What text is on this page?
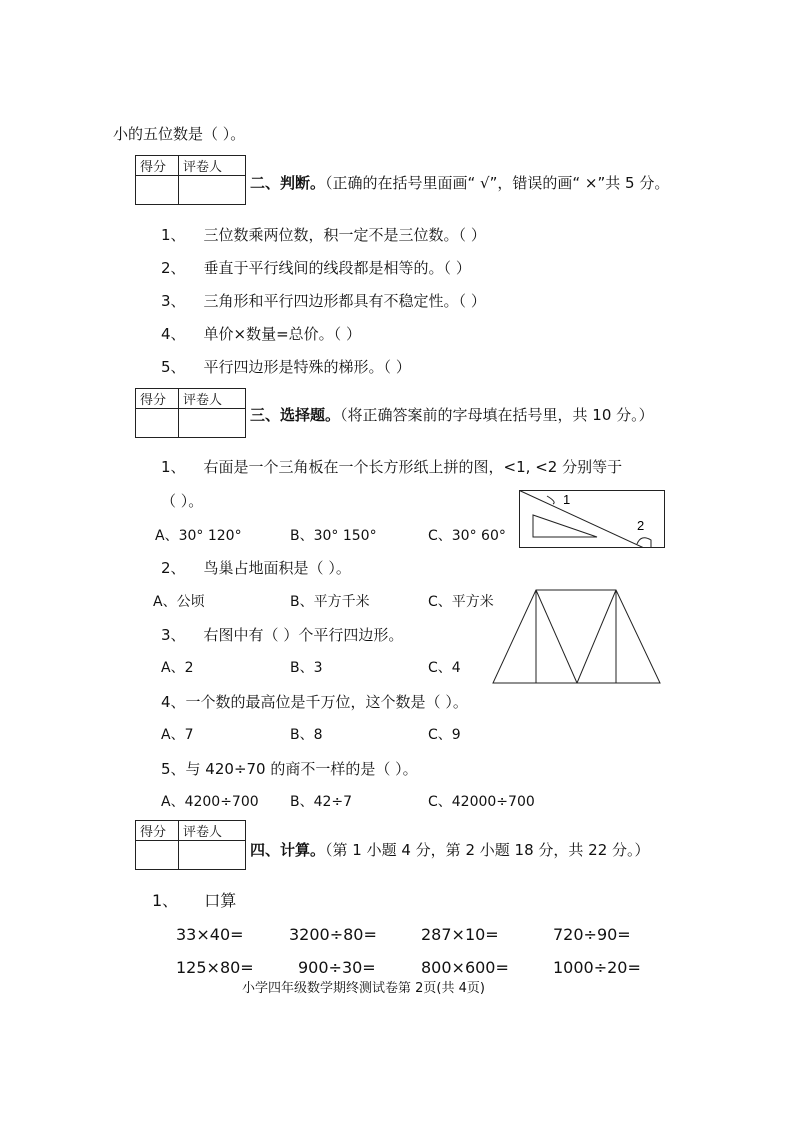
小的五位数是（ ）。
得分	评卷人

二、判断。（正确的在括号里面画“ √”，错误的画“ ×”共 5 分。
1、 三位数乘两位数，积一定不是三位数。（ ）
2、 垂直于平行线间的线段都是相等的。（ ）
3、 三角形和平行四边形都具有不稳定性。（ ）
4、 单价×数量=总价。（ ）
5、 平行四边形是特殊的梯形。（ ）
得分	评卷人

三、选择题。（将正确答案前的字母填在括号里，共 10 分。）
1、 右面是一个三角板在一个长方形纸上拼的图，<1, <2 分别等于
（ ）。
A、30° 120°	B、30° 150°	C、30° 60°
1
2
2、 鸟巢占地面积是（ ）。
A、公顷	B、平方千米	C、平方米
3、 右图中有（ ）个平行四边形。
A、2	B、3	C、4
4、一个数的最高位是千万位，这个数是（ ）。
A、7	B、8	C、9
5、与 420÷70 的商不一样的是（ ）。
A、4200÷700 B、42÷7	C、42000÷700
得分	评卷人

四、计算。（第 1 小题 4 分，第 2 小题 18 分，共 22 分。）
1、 口算
33×40=	3200÷80=	287×10=	720÷90=
125×80=	900÷30=	800×600=	1000÷20=
小学四年级数学期终测试卷第 2页(共 4页)
